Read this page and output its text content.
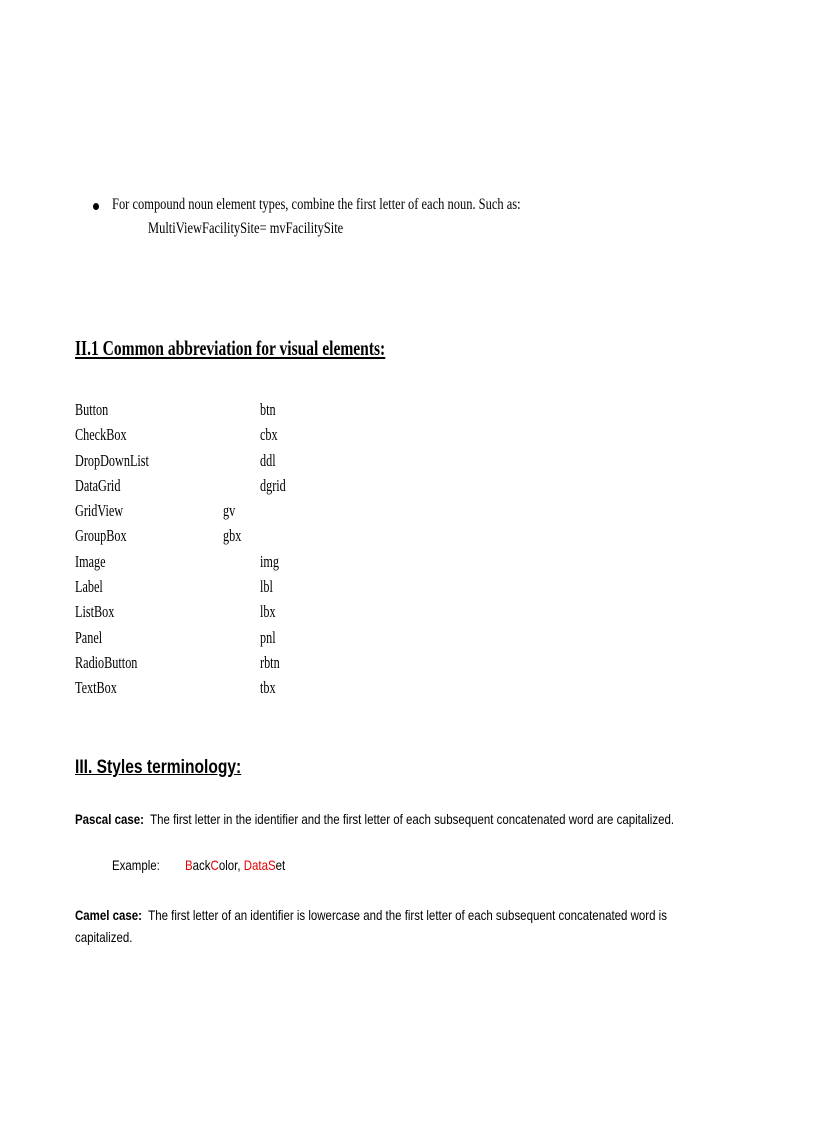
For compound noun element types, combine the first letter of each noun. Such as:
MultiViewFacilitySite= mvFacilitySite
II.1 Common abbreviation for visual elements:
Button	btn
CheckBox	cbx
DropDownList	ddl
DataGrid	dgrid
GridView	gv
GroupBox	gbx
Image	img
Label	lbl
ListBox	lbx
Panel	pnl
RadioButton	rbtn
TextBox	tbx
III. Styles terminology:
Pascal case: The first letter in the identifier and the first letter of each subsequent concatenated word are capitalized.
Example: BackColor, DataSet
Camel case: The first letter of an identifier is lowercase and the first letter of each subsequent concatenated word is capitalized.
